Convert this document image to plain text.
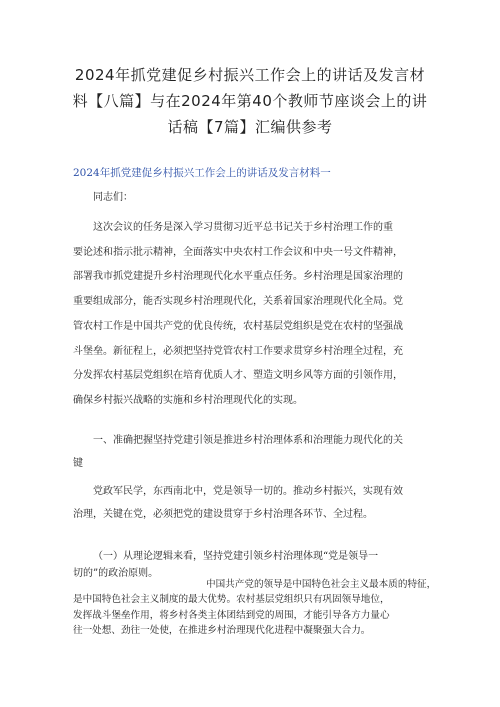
2024年抓党建促乡村振兴工作会上的讲话及发言材
料【八篇】与在2024年第40个教师节座谈会上的讲
话稿【7篇】汇编供参考
2024年抓党建促乡村振兴工作会上的讲话及发言材料一

同志们：

这次会议的任务是深入学习贯彻习近平总书记关于乡村治理工作的重

要论述和指示批示精神，全面落实中央农村工作会议和中央一号文件精神，

部署我市抓党建提升乡村治理现代化水平重点任务。乡村治理是国家治理的

重要组成部分，能否实现乡村治理现代化，关系着国家治理现代化全局。党

管农村工作是中国共产党的优良传统，农村基层党组织是党在农村的坚强战

斗堡垒。新征程上，必须把坚持党管农村工作要求贯穿乡村治理全过程，充

分发挥农村基层党组织在培育优质人才、塑造文明乡风等方面的引领作用，

确保乡村振兴战略的实施和乡村治理现代化的实现。

一、准确把握坚持党建引领是推进乡村治理体系和治理能力现代化的关

键

党政军民学，东西南北中，党是领导一切的。推动乡村振兴，实现有效

治理，关键在党，必须把党的建设贯穿于乡村治理各环节、全过程。

（一）从理论逻辑来看，坚持党建引领乡村治理体现“党是领导一

切的”的政治原则。

中国共产党的领导是中国特色社会主义最本质的特征，

是中国特色社会主义制度的最大优势。农村基层党组织只有巩固领导地位，

发挥战斗堡垒作用，将乡村各类主体团结到党的周围，才能引导各方力量心

往一处想、劲往一处使，在推进乡村治理现代化进程中凝聚强大合力。
